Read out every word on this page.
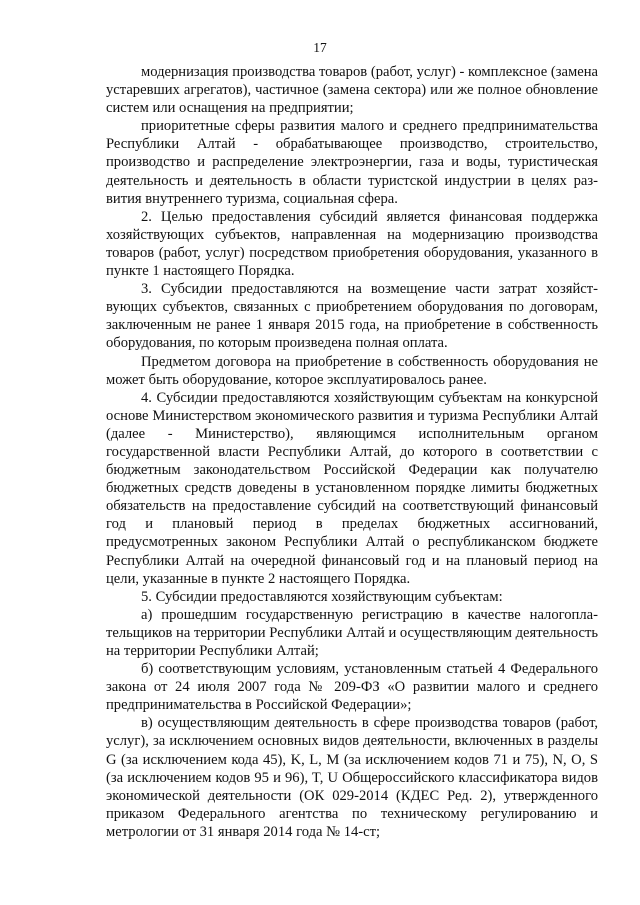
17

модернизация производства товаров (работ, услуг) - комплексное (замена устаревших агрегатов), частичное (замена сектора) или же полное обновление систем или оснащения на предприятии;

приоритетные сферы развития малого и среднего предпринимательства Республики Алтай - обрабатывающее производство, строительство, производство и распределение электроэнергии, газа и воды, туристическая деятельность и деятельность в области туристской индустрии в целях развития внутреннего туризма, социальная сфера.

2. Целью предоставления субсидий является финансовая поддержка хозяйствующих субъектов, направленная на модернизацию производства товаров (работ, услуг) посредством приобретения оборудования, указанного в пункте 1 настоящего Порядка.

3. Субсидии предоставляются на возмещение части затрат хозяйствующих субъектов, связанных с приобретением оборудования по договорам, заключенным не ранее 1 января 2015 года, на приобретение в собственность оборудования, по которым произведена полная оплата.

Предметом договора на приобретение в собственность оборудования не может быть оборудование, которое эксплуатировалось ранее.

4. Субсидии предоставляются хозяйствующим субъектам на конкурсной основе Министерством экономического развития и туризма Республики Алтай (далее - Министерство), являющимся исполнительным органом государственной власти Республики Алтай, до которого в соответствии с бюджетным законодательством Российской Федерации как получателю бюджетных средств доведены в установленном порядке лимиты бюджетных обязательств на предоставление субсидий на соответствующий финансовый год и плановый период в пределах бюджетных ассигнований, предусмотренных законом Республики Алтай о республиканском бюджете Республики Алтай на очередной финансовый год и на плановый период на цели, указанные в пункте 2 настоящего Порядка.

5. Субсидии предоставляются хозяйствующим субъектам:

а) прошедшим государственную регистрацию в качестве налогоплательщиков на территории Республики Алтай и осуществляющим деятельность на территории Республики Алтай;

б) соответствующим условиям, установленным статьей 4 Федерального закона от 24 июля 2007 года № 209-ФЗ «О развитии малого и среднего предпринимательства в Российской Федерации»;

в) осуществляющим деятельность в сфере производства товаров (работ, услуг), за исключением основных видов деятельности, включенных в разделы G (за исключением кода 45), K, L, M (за исключением кодов 71 и 75), N, O, S (за исключением кодов 95 и 96), T, U Общероссийского классификатора видов экономической деятельности (ОК 029-2014 (КДЕС Ред. 2), утвержденного приказом Федерального агентства по техническому регулированию и метрологии от 31 января 2014 года № 14-ст;
